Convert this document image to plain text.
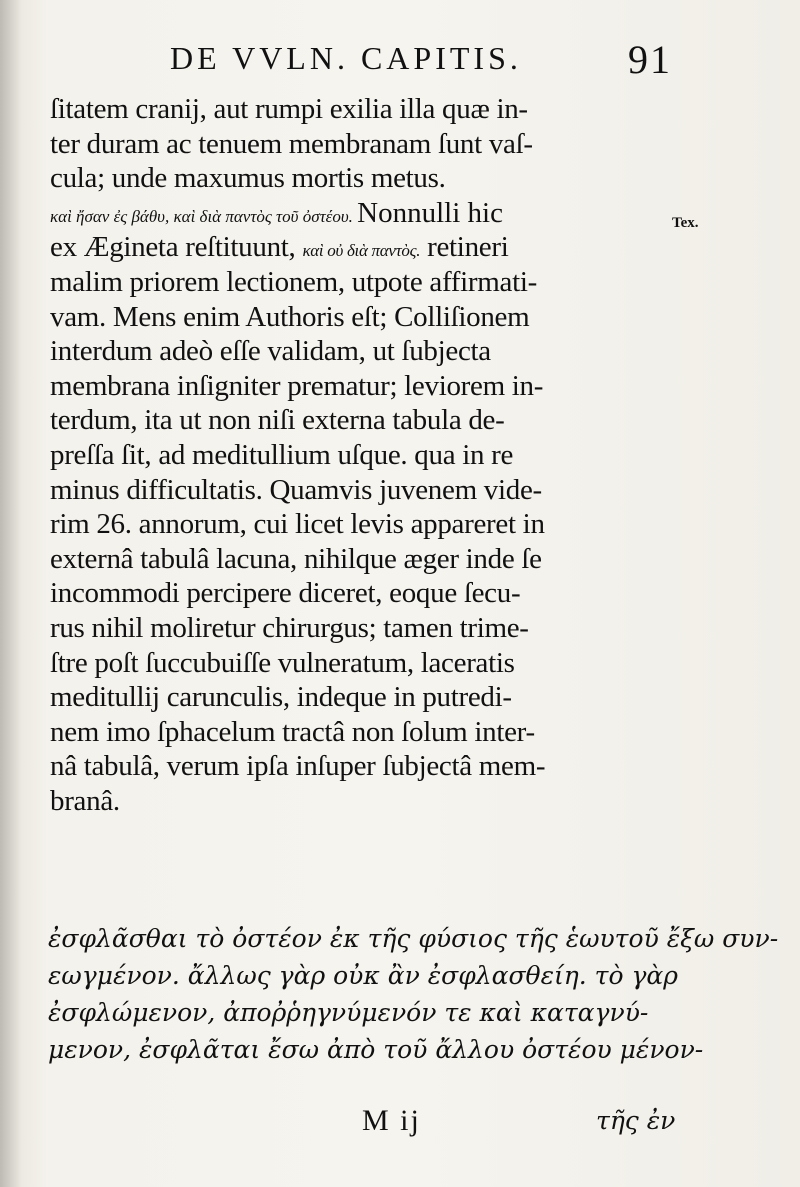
DE VVLN. CAPITIS.	91
ſitatem cranij, aut rumpi exilia illa quæ in-
ter duram ac tenuem membranam ſunt vaſ-
cula; unde maxumus mortis metus.
καὶ ἤσαν ἐς βάθυ, καὶ διὰ παντὸς τοῦ ὀστέου. Nonnulli hic
ex Ægineta reſtituunt, καὶ οὐ διὰ παντὸς. retineri
malim priorem lectionem, utpote affirmati-
vam. Mens enim Authoris eſt; Colliſionem
interdum adeò eſſe validam, ut ſubjecta
membrana inſigniter prematur; leviorem in-
terdum, ita ut non niſi externa tabula de-
preſſa ſit, ad meditullium uſque. qua in re
minus difficultatis. Quamvis juvenem vide-
rim 26. annorum, cui licet levis appareret in
externâ tabulâ lacuna, nihilque æger inde ſe
incommodi percipere diceret, eoque ſecu-
rus nihil moliretur chirurgus; tamen trime-
ſtre poſt ſuccubuiſſe vulneratum, laceratis
meditullij carunculis, indeque in putredi-
nem imo ſphacelum tractâ non ſolum inter-
nâ tabulâ, verum ipſa inſuper ſubjectâ mem-
branâ.
Tex.
ἐσφλᾶσθαι τὸ ὀστέον ἐκ τῆς φύσιος τῆς ἑωυτοῦ ἔξω συν-
εωγμένον. ἄλλως γὰρ οὐκ ἂν ἐσφλασθείη. τὸ γὰρ
ἐσφλώμενον, ἀποῤῥηγνύμενόν τε καὶ καταγνύ-
μενον, ἐσφλᾶται ἔσω ἀπὸ τοῦ ἄλλου ὀστέου μένον-
M ij	τῆς ἐν
